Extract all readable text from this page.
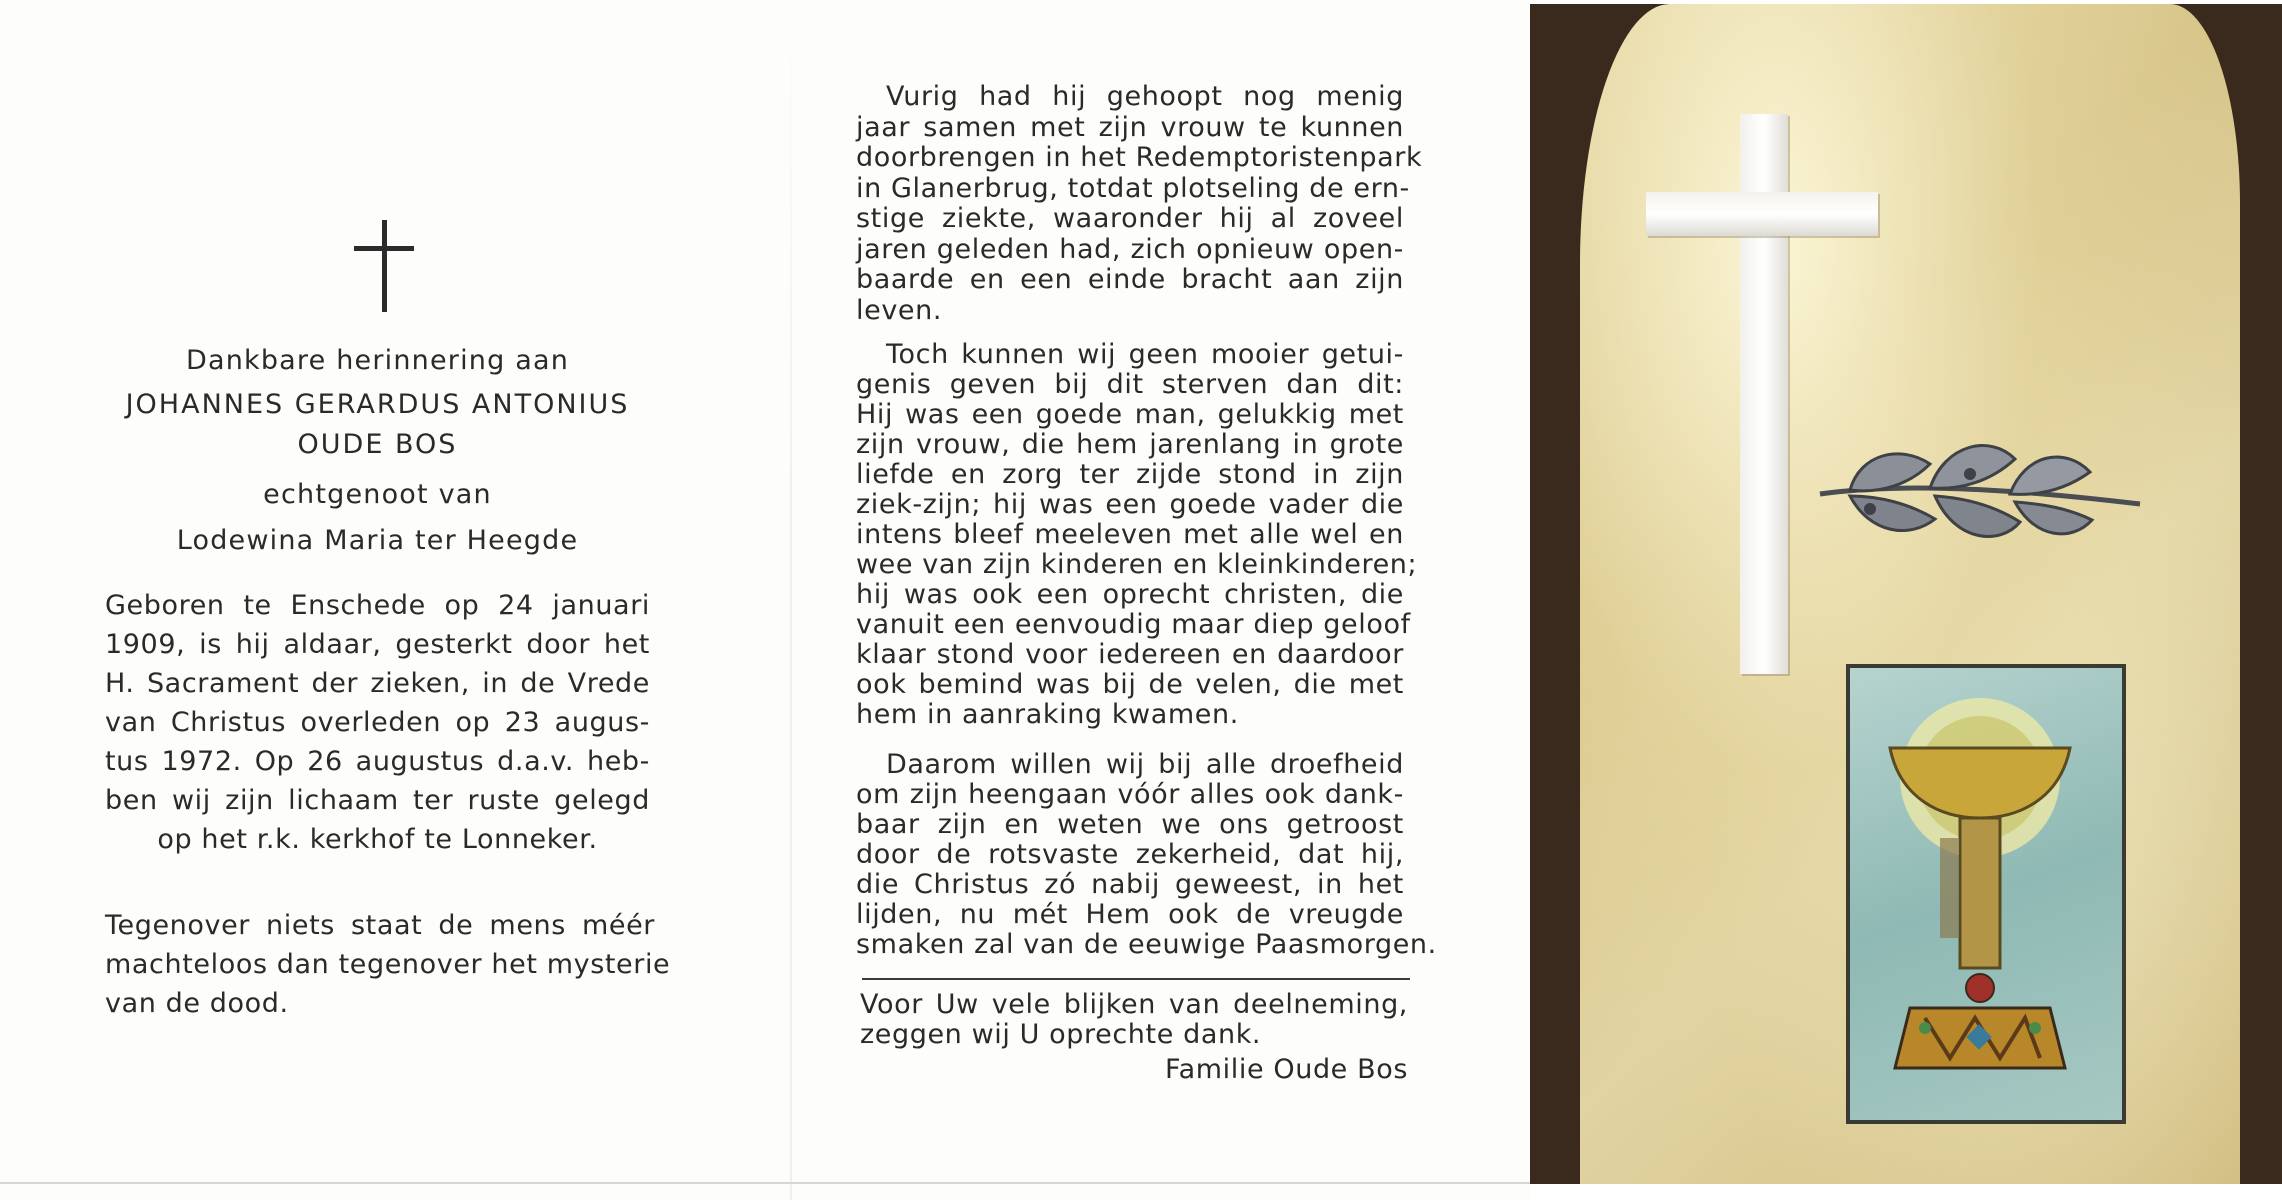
Dankbare herinnering aan
JOHANNES GERARDUS ANTONIUS
OUDE BOS
echtgenoot van
Lodewina Maria ter Heegde
Geboren te Enschede op 24 januari
1909, is hij aldaar, gesterkt door het
H. Sacrament der zieken, in de Vrede
van Christus overleden op 23 augus-
tus 1972. Op 26 augustus d.a.v. heb-
ben wij zijn lichaam ter ruste gelegd
op het r.k. kerkhof te Lonneker.
Tegenover niets staat de mens méér
machteloos dan tegenover het mysterie
van de dood.
Vurig had hij gehoopt nog menig
jaar samen met zijn vrouw te kunnen
doorbrengen in het Redemptoristenpark
in Glanerbrug, totdat plotseling de ern-
stige ziekte, waaronder hij al zoveel
jaren geleden had, zich opnieuw open-
baarde en een einde bracht aan zijn
leven.
Toch kunnen wij geen mooier getui-
genis geven bij dit sterven dan dit:
Hij was een goede man, gelukkig met
zijn vrouw, die hem jarenlang in grote
liefde en zorg ter zijde stond in zijn
ziek-zijn; hij was een goede vader die
intens bleef meeleven met alle wel en
wee van zijn kinderen en kleinkinderen;
hij was ook een oprecht christen, die
vanuit een eenvoudig maar diep geloof
klaar stond voor iedereen en daardoor
ook bemind was bij de velen, die met
hem in aanraking kwamen.
Daarom willen wij bij alle droefheid
om zijn heengaan vóór alles ook dank-
baar zijn en weten we ons getroost
door de rotsvaste zekerheid, dat hij,
die Christus zó nabij geweest, in het
lijden, nu mét Hem ook de vreugde
smaken zal van de eeuwige Paasmorgen.
Voor Uw vele blijken van deelneming,
zeggen wij U oprechte dank.
Familie Oude Bos
